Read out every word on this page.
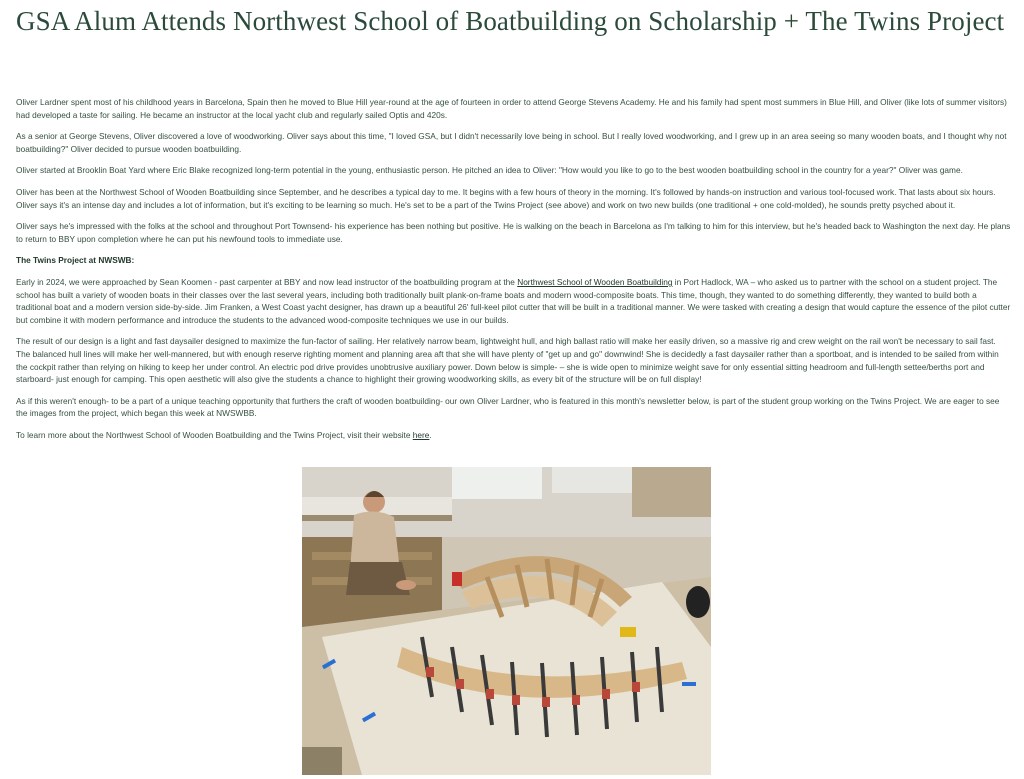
GSA Alum Attends Northwest School of Boatbuilding on Scholarship + The Twins Project

Oliver Lardner spent most of his childhood years in Barcelona, Spain then he moved to Blue Hill year-round at the age of fourteen in order to attend George Stevens Academy. He and his family had spent most summers in Blue Hill, and Oliver (like lots of summer visitors) had developed a taste for sailing. He became an instructor at the local yacht club and regularly sailed Optis and 420s.

As a senior at George Stevens, Oliver discovered a love of woodworking. Oliver says about this time, "I loved GSA, but I didn't necessarily love being in school. But I really loved woodworking, and I grew up in an area seeing so many wooden boats, and I thought why not boatbuilding?" Oliver decided to pursue wooden boatbuilding.

Oliver started at Brooklin Boat Yard where Eric Blake recognized long-term potential in the young, enthusiastic person. He pitched an idea to Oliver: "How would you like to go to the best wooden boatbuilding school in the country for a year?" Oliver was game.

Oliver has been at the Northwest School of Wooden Boatbuilding since September, and he describes a typical day to me. It begins with a few hours of theory in the morning. It's followed by hands-on instruction and various tool-focused work. That lasts about six hours. Oliver says it's an intense day and includes a lot of information, but it's exciting to be learning so much. He's set to be a part of the Twins Project (see above) and work on two new builds (one traditional + one cold-molded), he sounds pretty psyched about it.

Oliver says he's impressed with the folks at the school and throughout Port Townsend- his experience has been nothing but positive. He is walking on the beach in Barcelona as I'm talking to him for this interview, but he's headed back to Washington the next day. He plans to return to BBY upon completion where he can put his newfound tools to immediate use.

The Twins Project at NWSWB:

Early in 2024, we were approached by Sean Koomen - past carpenter at BBY and now lead instructor of the boatbuilding program at the Northwest School of Wooden Boatbuilding in Port Hadlock, WA – who asked us to partner with the school on a student project. The school has built a variety of wooden boats in their classes over the last several years, including both traditionally built plank-on-frame boats and modern wood-composite boats. This time, though, they wanted to do something differently, they wanted to build both a traditional boat and a modern version side-by-side. Jim Franken, a West Coast yacht designer, has drawn up a beautiful 26' full-keel pilot cutter that will be built in a traditional manner. We were tasked with creating a design that would capture the essence of the pilot cutter but combine it with modern performance and introduce the students to the advanced wood-composite techniques we use in our builds.

The result of our design is a light and fast daysailer designed to maximize the fun-factor of sailing. Her relatively narrow beam, lightweight hull, and high ballast ratio will make her easily driven, so a massive rig and crew weight on the rail won't be necessary to sail fast. The balanced hull lines will make her well-mannered, but with enough reserve righting moment and planning area aft that she will have plenty of "get up and go" downwind! She is decidedly a fast daysailer rather than a sportboat, and is intended to be sailed from within the cockpit rather than relying on hiking to keep her under control. An electric pod drive provides unobtrusive auxiliary power. Down below is simple- – she is wide open to minimize weight save for only essential sitting headroom and full-length settee/berths port and starboard- just enough for camping. This open aesthetic will also give the students a chance to highlight their growing woodworking skills, as every bit of the structure will be on full display!

As if this weren't enough- to be a part of a unique teaching opportunity that furthers the craft of wooden boatbuilding- our own Oliver Lardner, who is featured in this month's newsletter below, is part of the student group working on the Twins Project. We are eager to see the images from the project, which began this week at NWSWBB.

To learn more about the Northwest School of Wooden Boatbuilding and the Twins Project, visit their website here.
